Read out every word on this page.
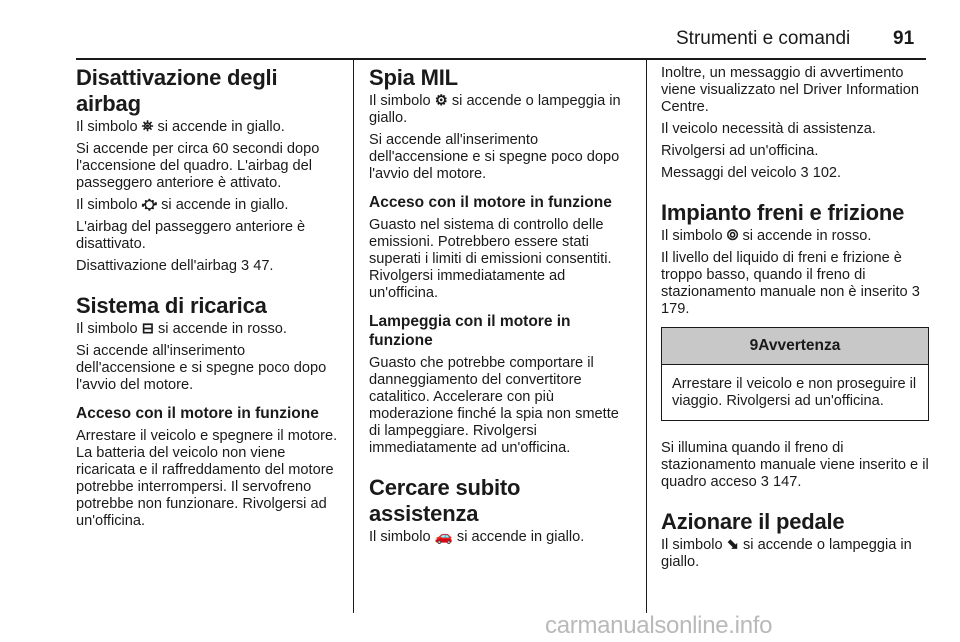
Strumenti e comandi 91
Disattivazione degli airbag

Il simbolo ⛯ si accende in giallo.

Si accende per circa 60 secondi dopo l'accensione del quadro. L'airbag del passeggero anteriore è attivato.

Il simbolo ⛮ si accende in giallo.

L'airbag del passeggero anteriore è disattivato.

Disattivazione dell'airbag 3 47.

Sistema di ricarica

Il simbolo ⊟ si accende in rosso.

Si accende all'inserimento dell'accensione e si spegne poco dopo l'avvio del motore.

Acceso con il motore in funzione

Arrestare il veicolo e spegnere il motore. La batteria del veicolo non viene ricaricata e il raffreddamento del motore potrebbe interrompersi. Il servofreno potrebbe non funzionare. Rivolgersi ad un'officina.

Spia MIL

Il simbolo ⚙ si accende o lampeggia in giallo.

Si accende all'inserimento dell'accensione e si spegne poco dopo l'avvio del motore.

Acceso con il motore in funzione

Guasto nel sistema di controllo delle emissioni. Potrebbero essere stati superati i limiti di emissioni consentiti. Rivolgersi immediatamente ad un'officina.

Lampeggia con il motore in funzione

Guasto che potrebbe comportare il danneggiamento del convertitore catalitico. Accelerare con più moderazione finché la spia non smette di lampeggiare. Rivolgersi immediatamente ad un'officina.

Cercare subito assistenza

Il simbolo 🚗 si accende in giallo.

Inoltre, un messaggio di avvertimento viene visualizzato nel Driver Information Centre.

Il veicolo necessità di assistenza.

Rivolgersi ad un'officina.

Messaggi del veicolo 3 102.

Impianto freni e frizione

Il simbolo ⦾ si accende in rosso.

Il livello del liquido di freni e frizione è troppo basso, quando il freno di stazionamento manuale non è inserito 3 179.

9Avvertenza
Arrestare il veicolo e non proseguire il viaggio. Rivolgersi ad un'officina.

Si illumina quando il freno di stazionamento manuale viene inserito e il quadro acceso 3 147.

Azionare il pedale

Il simbolo ⬊ si accende o lampeggia in giallo.

carmanualsonline.info
